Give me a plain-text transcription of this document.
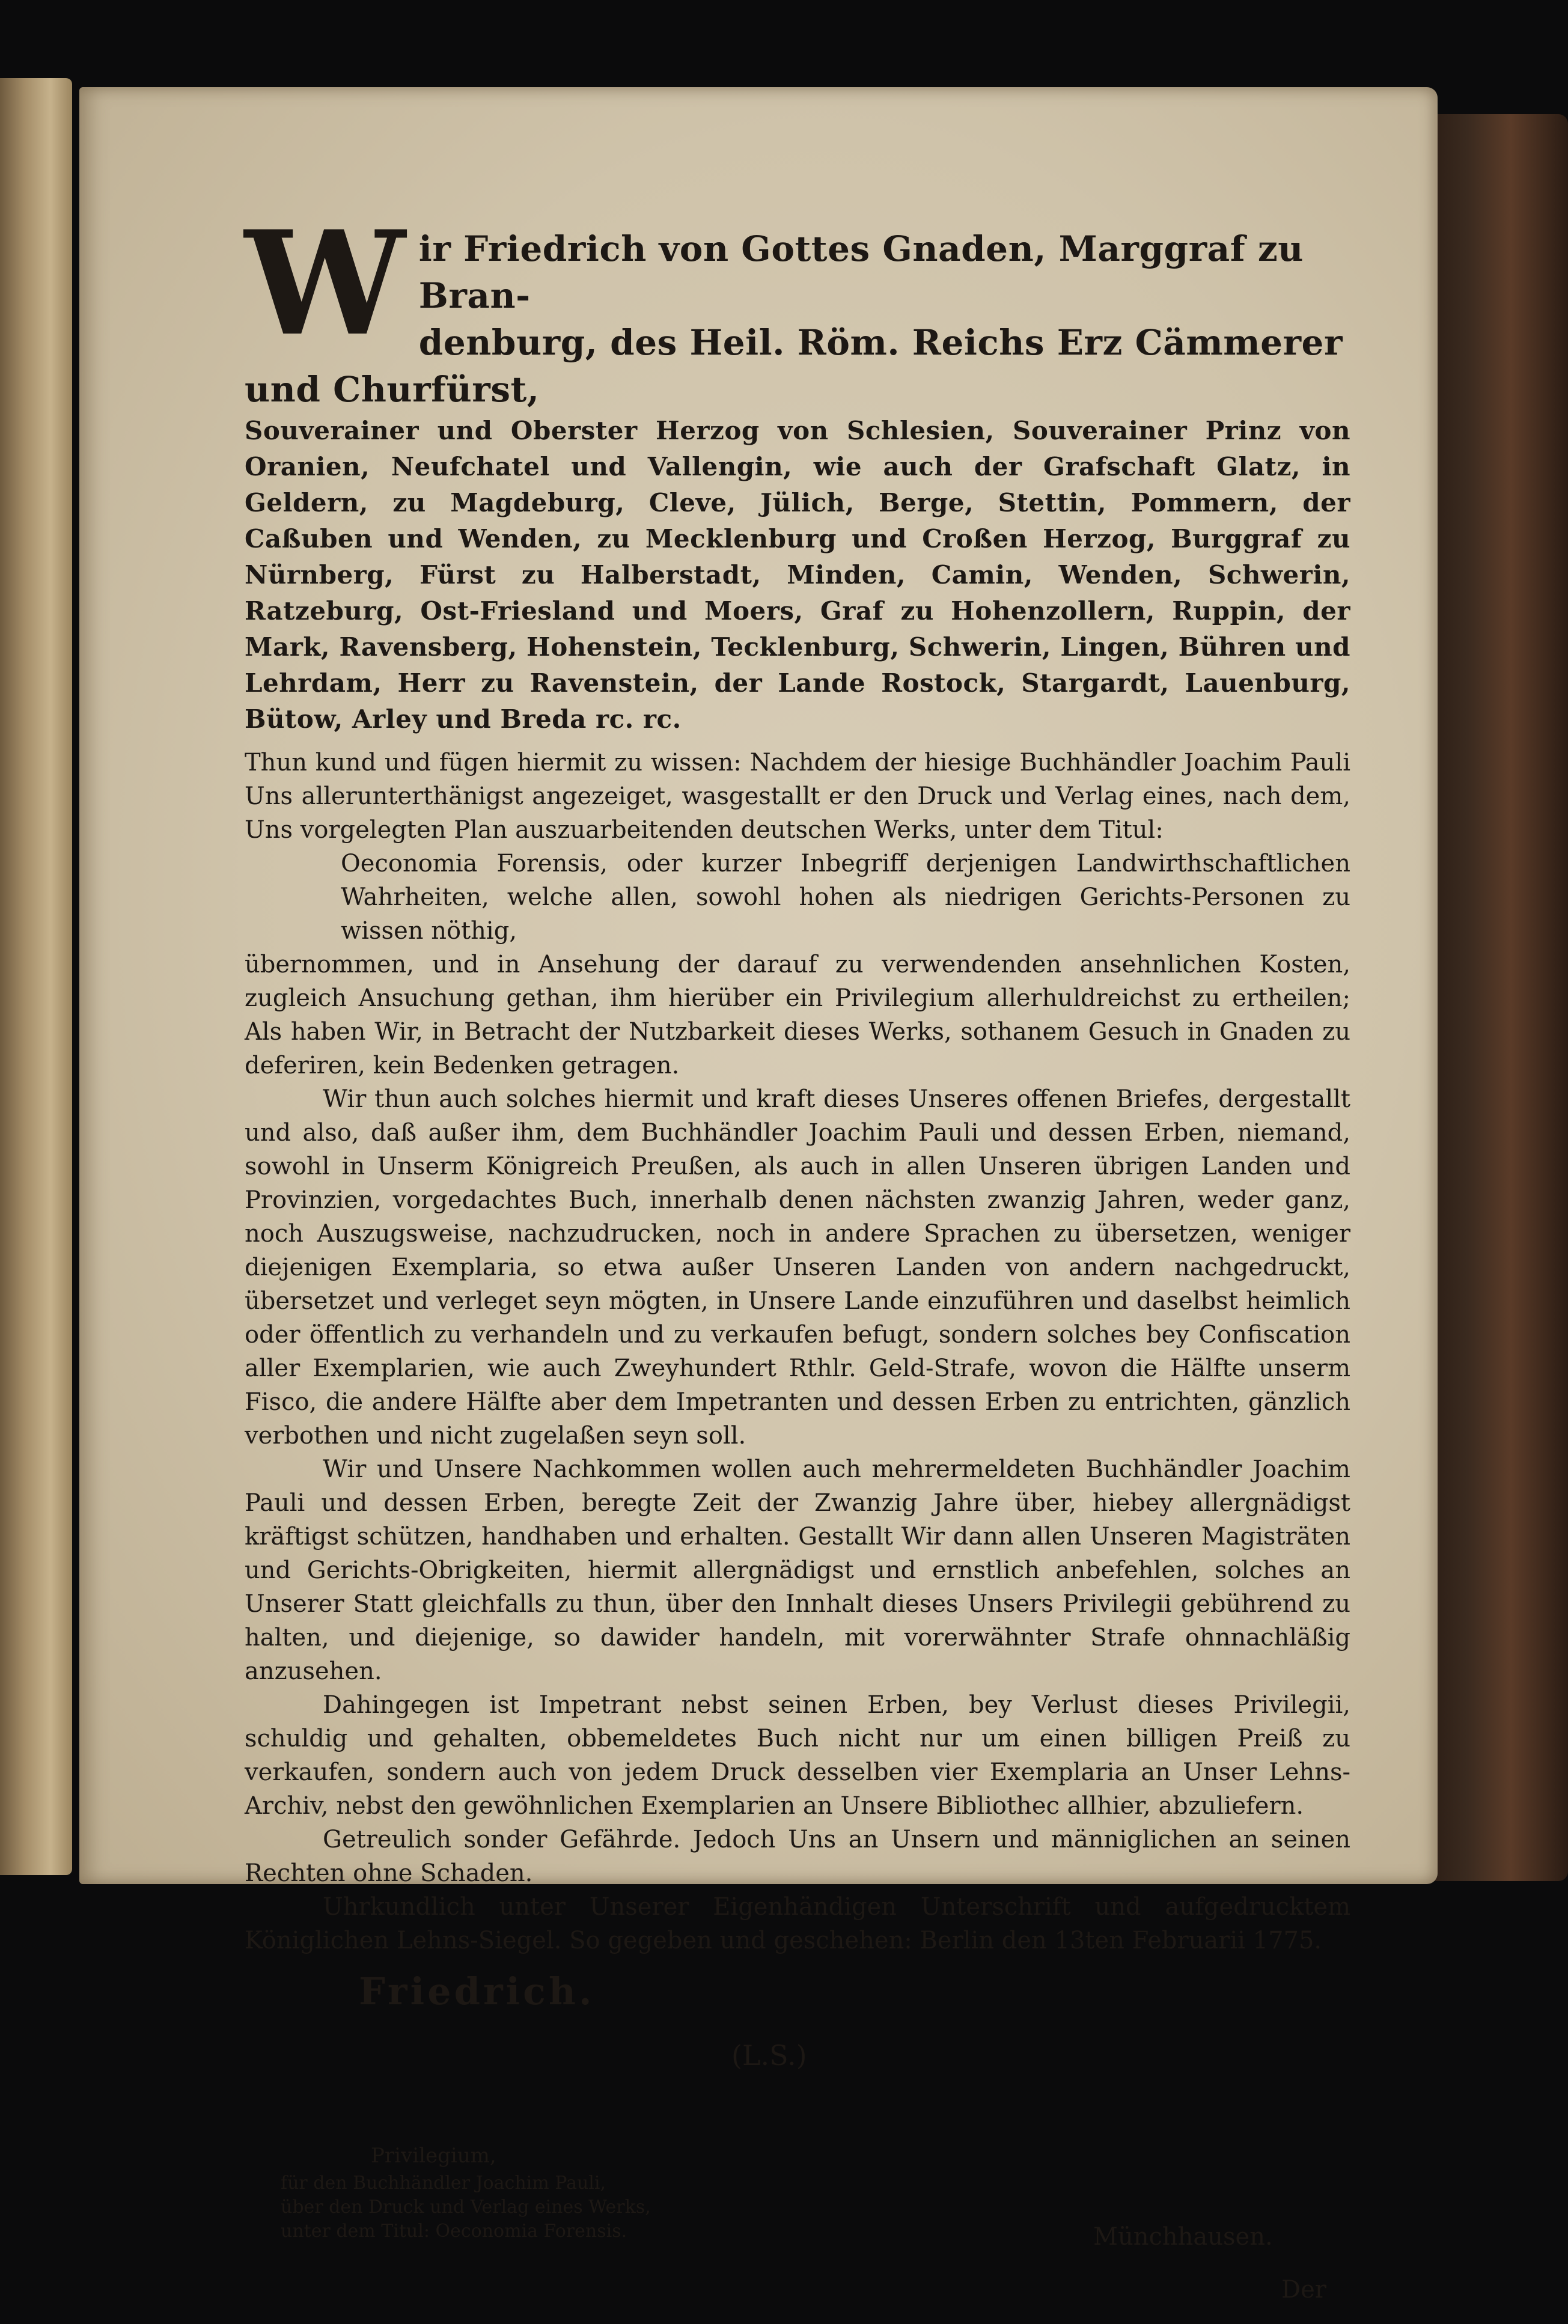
W ir Friedrich von Gottes Gnaden, Marggraf zu Bran-
denburg, des Heil. Röm. Reichs Erz Cämmerer und Churfürst,
Souverainer und Oberster Herzog von Schlesien, Souverainer Prinz von Oranien, Neufchatel und Vallengin, wie auch der Grafschaft Glatz, in Geldern, zu Magdeburg, Cleve, Jülich, Berge, Stettin, Pommern, der Caßuben und Wenden, zu Mecklenburg und Croßen Herzog, Burggraf zu Nürnberg, Fürst zu Halberstadt, Minden, Camin, Wenden, Schwerin, Ratzeburg, Ost-Friesland und Moers, Graf zu Hohenzollern, Ruppin, der Mark, Ravensberg, Hohenstein, Tecklenburg, Schwerin, Lingen, Bühren und Lehrdam, Herr zu Ravenstein, der Lande Rostock, Stargardt, Lauenburg, Bütow, Arley und Breda rc. rc.

Thun kund und fügen hiermit zu wissen: Nachdem der hiesige Buchhändler Joachim Pauli Uns allerunterthänigst angezeiget, wasgestallt er den Druck und Verlag eines, nach dem, Uns vorgelegten Plan auszuarbeitenden deutschen Werks, unter dem Titul:

Oeconomia Forensis, oder kurzer Inbegriff derjenigen Landwirthschaftlichen Wahrheiten, welche allen, sowohl hohen als niedrigen Gerichts-Personen zu wissen nöthig,

übernommen, und in Ansehung der darauf zu verwendenden ansehnlichen Kosten, zugleich Ansuchung gethan, ihm hierüber ein Privilegium allerhuldreichst zu ertheilen; Als haben Wir, in Betracht der Nutzbarkeit dieses Werks, sothanem Gesuch in Gnaden zu deferiren, kein Bedenken getragen.

Wir thun auch solches hiermit und kraft dieses Unseres offenen Briefes, dergestallt und also, daß außer ihm, dem Buchhändler Joachim Pauli und dessen Erben, niemand, sowohl in Unserm Königreich Preußen, als auch in allen Unseren übrigen Landen und Provinzien, vorgedachtes Buch, innerhalb denen nächsten zwanzig Jahren, weder ganz, noch Auszugsweise, nachzudrucken, noch in andere Sprachen zu übersetzen, weniger diejenigen Exemplaria, so etwa außer Unseren Landen von andern nachgedruckt, übersetzet und verleget seyn mögten, in Unsere Lande einzuführen und daselbst heimlich oder öffentlich zu verhandeln und zu verkaufen befugt, sondern solches bey Confiscation aller Exemplarien, wie auch Zweyhundert Rthlr. Geld-Strafe, wovon die Hälfte unserm Fisco, die andere Hälfte aber dem Impetranten und dessen Erben zu entrichten, gänzlich verbothen und nicht zugelaßen seyn soll.

Wir und Unsere Nachkommen wollen auch mehrermeldeten Buchhändler Joachim Pauli und dessen Erben, beregte Zeit der Zwanzig Jahre über, hiebey allergnädigst kräftigst schützen, handhaben und erhalten. Gestallt Wir dann allen Unseren Magisträten und Gerichts-Obrigkeiten, hiermit allergnädigst und ernstlich anbefehlen, solches an Unserer Statt gleichfalls zu thun, über den Innhalt dieses Unsers Privilegii gebührend zu halten, und diejenige, so dawider handeln, mit vorerwähnter Strafe ohnnachläßig anzusehen.

Dahingegen ist Impetrant nebst seinen Erben, bey Verlust dieses Privilegii, schuldig und gehalten, obbemeldetes Buch nicht nur um einen billigen Preiß zu verkaufen, sondern auch von jedem Druck desselben vier Exemplaria an Unser Lehns-Archiv, nebst den gewöhnlichen Exemplarien an Unsere Bibliothec allhier, abzuliefern.

Getreulich sonder Gefährde. Jedoch Uns an Unsern und männiglichen an seinen Rechten ohne Schaden.

Uhrkundlich unter Unserer Eigenhändigen Unterschrift und aufgedrucktem Königlichen Lehns-Siegel. So gegeben und geschehen: Berlin den 13ten Februarii 1775.

Friedrich.
(L.S.)
Privilegium,
für den Buchhändler Joachim Pauli,
über den Druck und Verlag eines Werks,
unter dem Titul: Oeconomia Forensis.	Münchhausen.
Der
